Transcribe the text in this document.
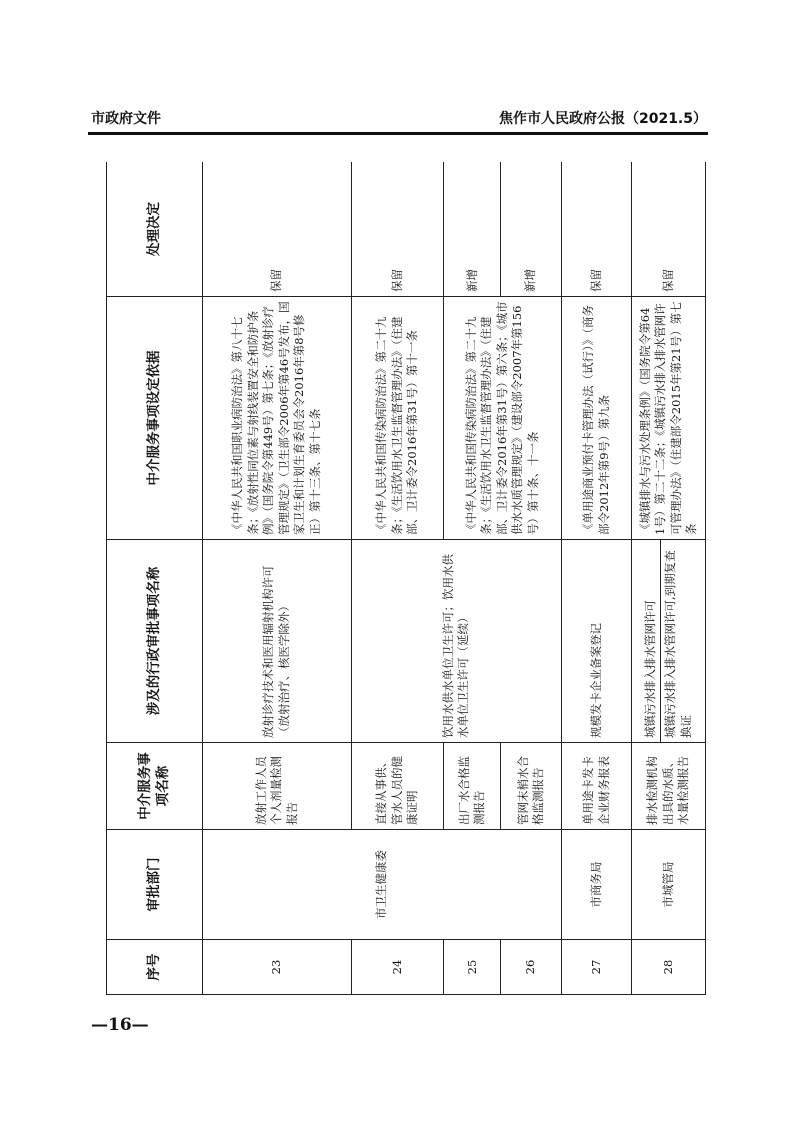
市政府文件	焦作市人民政府公报（2021.5）
序号	审批部门	中介服务事项名称	涉及的行政审批事项名称	中介服务事项设定依据	处理决定
23	市卫生健康委	放射工作人员个人剂量检测报告	放射诊疗技术和医用辐射机构许可（放射治疗、核医学除外）	《中华人民共和国职业病防治法》第八十七条；《放射性同位素与射线装置安全和防护条例》（国务院令第449号）第七条；《放射诊疗管理规定》（卫生部令2006年第46号发布，国家卫生和计划生育委员会令2016年第8号修正）第十三条、第十七条	保留
24		直接从事供、管水人员的健康证明	饮用水供水单位卫生许可；饮用水供水单位卫生许可（延续）	《中华人民共和国传染病防治法》第二十九条；《生活饮用水卫生监督管理办法》（住建部、卫计委令2016年第31号）第十一条	保留
25		出厂水合格监测报告		《中华人民共和国传染病防治法》第二十九条；《生活饮用水卫生监督管理办法》（住建部、卫计委令2016年第31号）第六条；《城市供水水质管理规定》（建设部令2007年第156号）第十条、十一条	新增
26		管网末梢水合格监测报告			新增
27	市商务局	单用途卡发卡企业财务报表	规模发卡企业备案登记	《单用途商业预付卡管理办法（试行）》（商务部令2012年第9号）第九条	保留
28	市城管局	排水检测机构出具的水质、水量检测报告	城镇污水排入排水管网许可 城镇污水排入排水管网许可,到期复查换证	《城镇排水与污水处理条例》（国务院令第641号）第二十二条；《城镇污水排入排水管网许可管理办法》（住建部令2015年第21号）第七条	保留
—16—
